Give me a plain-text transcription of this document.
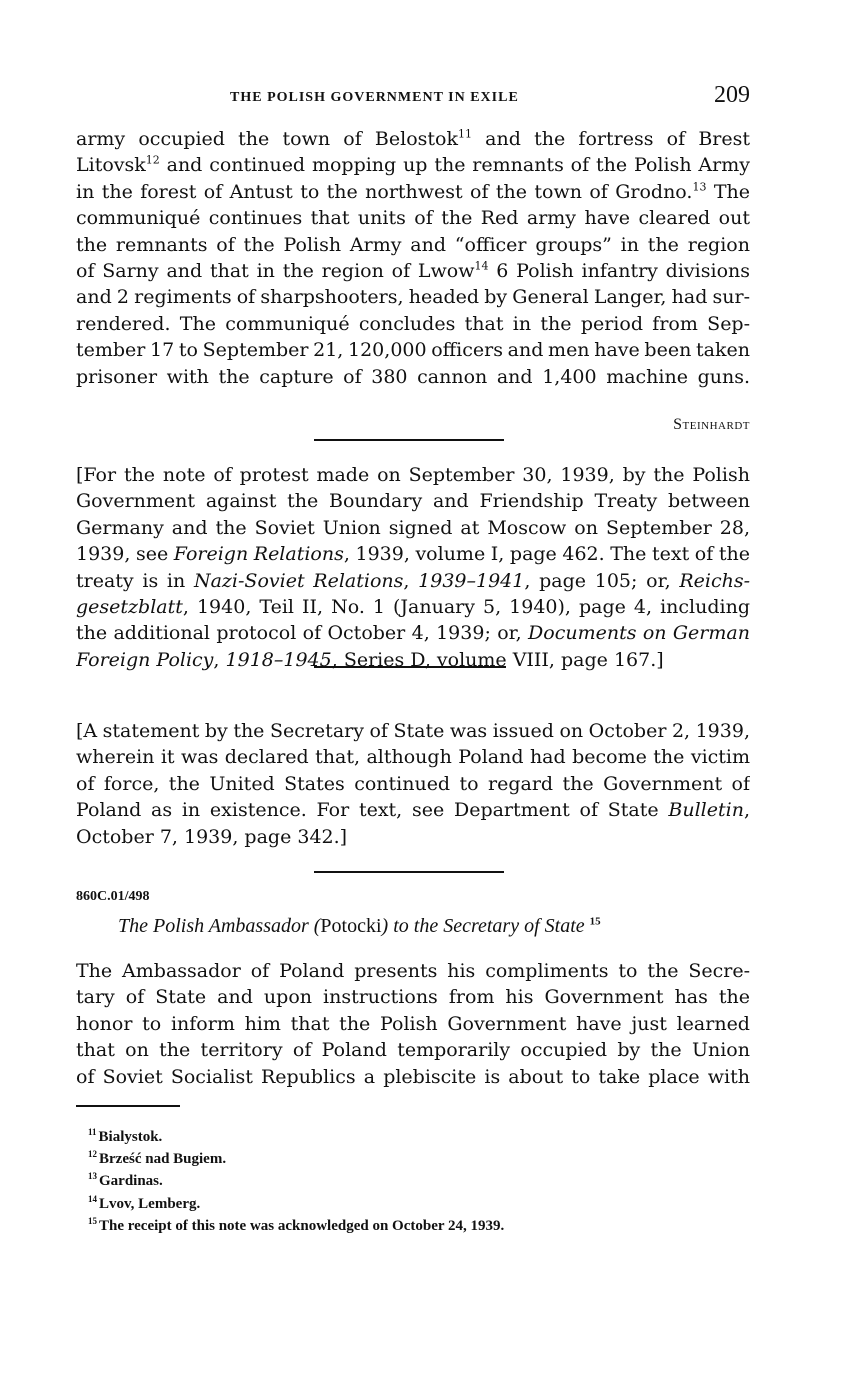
THE POLISH GOVERNMENT IN EXILE	209
army occupied the town of Belostok$^{11}$ and the fortress of Brest
Litovsk$^{12}$ and continued mopping up the remnants of the Polish Army
in the forest of Antust to the northwest of the town of Grodno.$^{13}$ The
communiqué continues that units of the Red army have cleared out
the remnants of the Polish Army and “officer groups” in the region
of Sarny and that in the region of Lwow$^{14}$ 6 Polish infantry divisions
and 2 regiments of sharpshooters, headed by General Langer, had sur-
rendered. The communiqué concludes that in the period from Sep-
tember 17 to September 21, 120,000 officers and men have been taken
prisoner with the capture of 380 cannon and 1,400 machine guns.
Steinhardt
[For the note of protest made on September 30, 1939, by the Polish
Government against the Boundary and Friendship Treaty between
Germany and the Soviet Union signed at Moscow on September 28,
1939, see Foreign Relations, 1939, volume I, page 462. The text of the
treaty is in Nazi-Soviet Relations, 1939–1941, page 105; or, Reichs-
gesetzblatt, 1940, Teil II, No. 1 (January 5, 1940), page 4, including
the additional protocol of October 4, 1939; or, Documents on German
Foreign Policy, 1918–1945, Series D, volume VIII, page 167.]
[A statement by the Secretary of State was issued on October 2, 1939,
wherein it was declared that, although Poland had become the victim
of force, the United States continued to regard the Government of
Poland as in existence. For text, see Department of State Bulletin,
October 7, 1939, page 342.]
860C.01/498
The Polish Ambassador (Potocki) to the Secretary of State $^{15}$
The Ambassador of Poland presents his compliments to the Secre-
tary of State and upon instructions from his Government has the
honor to inform him that the Polish Government have just learned
that on the territory of Poland temporarily occupied by the Union
of Soviet Socialist Republics a plebiscite is about to take place with
$^{11}$ Bialystok.
$^{12}$ Brześć nad Bugiem.
$^{13}$ Gardinas.
$^{14}$ Lvov, Lemberg.
$^{15}$ The receipt of this note was acknowledged on October 24, 1939.
